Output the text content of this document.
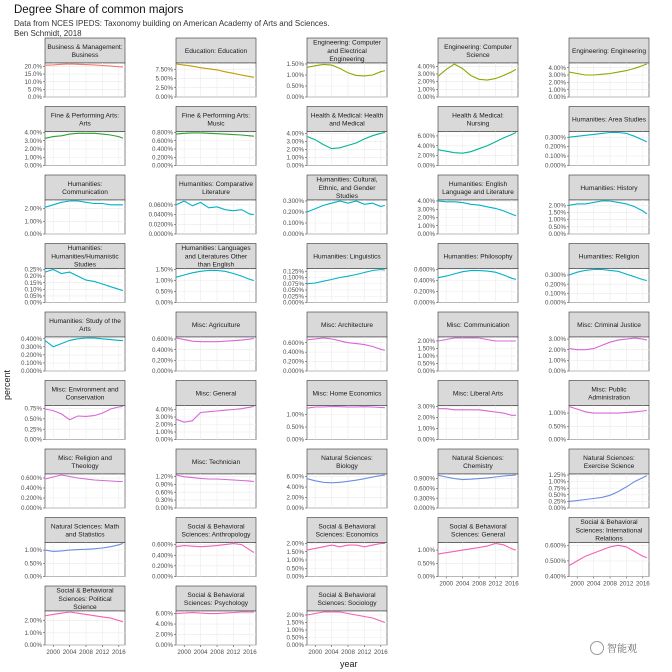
Degree Share of common majors
Data from NCES IPEDS: Taxonomy building on American Academy of Arts and Sciences.
Ben Schmidt, 2018
Business & Management: Business
20.0%
15.0%
10.0%
5.0%
0.0%
Education: Education
7.50%
5.00%
2.50%
0.00%
Engineering: Computer and Electrical Engineering
1.50%
1.00%
0.50%
0.00%
Engineering: Computer Science
4.00%
3.00%
2.00%
1.00%
0.00%
Engineering: Engineering
4.00%
3.00%
2.00%
1.00%
0.00%
Fine & Performing Arts: Arts
4.00%
3.00%
2.00%
1.00%
0.00%
Fine & Performing Arts: Music
0.800%
0.600%
0.400%
0.200%
0.000%
Health & Medical: Health and Medical
4.00%
3.00%
2.00%
1.00%
0.00%
Health & Medical: Nursing
6.00%
4.00%
2.00%
0.00%
Humanities: Area Studies
0.300%
0.200%
0.100%
0.000%
Humanities: Communication
2.00%
1.00%
0.00%
Humanities: Comparative Literature
0.0600%
0.0400%
0.0200%
0.0000%
Humanities: Cultural, Ethnic, and Gender Studies
0.300%
0.200%
0.100%
0.000%
Humanities: English Language and Literature
4.00%
3.00%
2.00%
1.00%
0.00%
Humanities: History
2.00%
1.50%
1.00%
0.50%
0.00%
Humanities: Humanities/Humanistic Studies
0.25%
0.20%
0.15%
0.10%
0.05%
0.00%
Humanities: Languages and Literatures Other than English
1.50%
1.00%
0.50%
0.00%
Humanities: Linguistics
0.125%
0.100%
0.075%
0.050%
0.025%
0.000%
Humanities: Philosophy
0.600%
0.400%
0.200%
0.000%
Humanities: Religion
0.300%
0.200%
0.100%
0.000%
Humanities: Study of the Arts
0.400%
0.300%
0.200%
0.100%
0.000%
Misc: Agriculture
0.600%
0.400%
0.200%
0.000%
Misc: Architecture
0.600%
0.400%
0.200%
0.000%
Misc: Communication
2.00%
1.50%
1.00%
0.50%
0.00%
Misc: Criminal Justice
3.00%
2.00%
1.00%
0.00%
Misc: Environment and Conservation
0.75%
0.50%
0.25%
0.00%
Misc: General
4.00%
3.00%
2.00%
1.00%
0.00%
Misc: Home Economics
1.00%
0.50%
0.00%
Misc: Liberal Arts
3.00%
2.00%
1.00%
0.00%
Misc: Public Administration
1.00%
0.50%
0.00%
Misc: Religion and Theology
0.600%
0.400%
0.200%
0.000%
Misc: Technician
1.20%
0.90%
0.60%
0.30%
0.00%
Natural Sciences: Biology
6.00%
4.00%
2.00%
0.00%
Natural Sciences: Chemistry
0.900%
0.600%
0.300%
0.000%
Natural Sciences: Exercise Science
1.25%
1.00%
0.75%
0.50%
0.25%
0.00%
Natural Sciences: Math and Statistics
1.00%
0.50%
0.00%
Social & Behavioral Sciences: Anthropology
0.600%
0.400%
0.200%
0.000%
Social & Behavioral Sciences: Economics
2.00%
1.50%
1.00%
0.50%
0.00%
Social & Behavioral Sciences: General
1.00%
0.50%
0.00%
2000 2004 2008 2012 2016
Social & Behavioral Sciences: International Relations
0.600%
0.500%
0.400%
2000 2004 2008 2012 2016
Social & Behavioral Sciences: Political Science
2.00%
1.00%
0.00%
2000 2004 2008 2012 2016
Social & Behavioral Sciences: Psychology
6.00%
4.00%
2.00%
0.00%
2000 2004 2008 2012 2016
Social & Behavioral Sciences: Sociology
2.00%
1.50%
1.00%
0.50%
0.00%
2000 2004 2008 2012 2016
percent
year
智能观
